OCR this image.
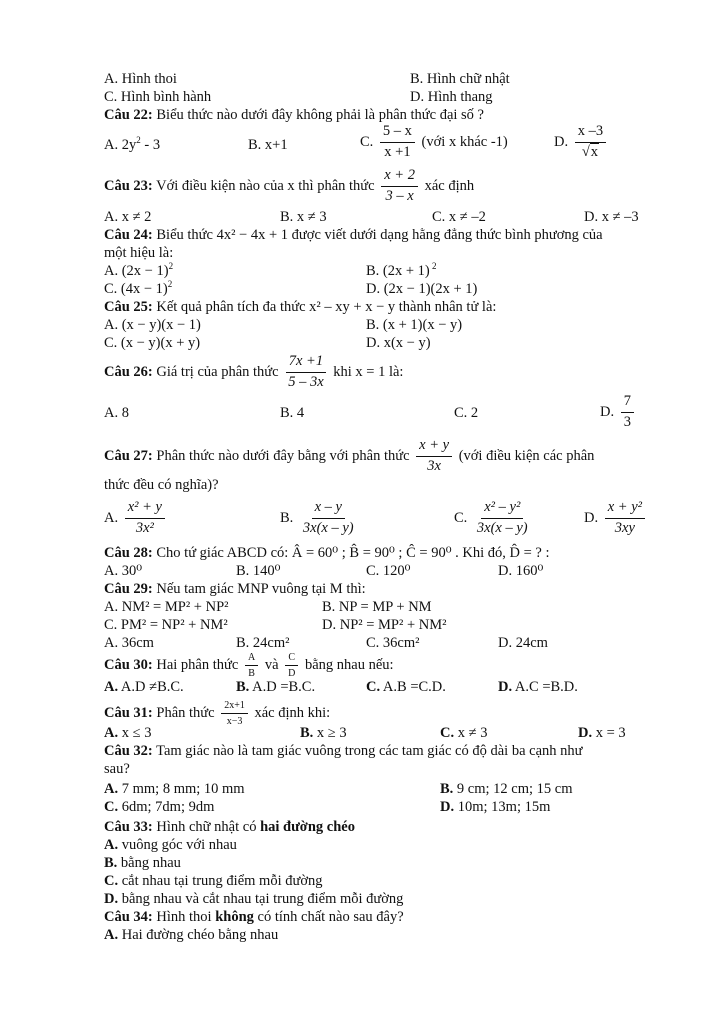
A. Hình thoi	B. Hình chữ nhật
C. Hình bình hành	D. Hình thang
Câu 22: Biểu thức nào dưới đây không phải là phân thức đại số ?
A. $2y^2 - 3$	B. x+1	C. $\frac{5 - x}{x +1}$ (với x khác -1)	D. $\frac{x -3}{√x}$
Câu 23: Với điều kiện nào của x thì phân thức $\frac{x + 2}{3 - x}$ xác định
A. x ≠ 2	B. x ≠ 3	C. x ≠ –2	D. x ≠ –3
Câu 24: Biểu thức 4x² − 4x + 1 được viết dưới dạng hằng đẳng thức bình phương của
một hiệu là:
A. $(2x - 1)^2$	B. (2x + 1) $^2$
C. $(4x - 1)^2$	D. (2x − 1)(2x + 1)
Câu 25: Kết quả phân tích đa thức x² – xy + x − y thành nhân tử là:
A. (x − y)(x − 1)	B. (x + 1)(x − y)
C. (x − y)(x + y)	D. x(x − y)
Câu 26: Giá trị của phân thức $\frac{7x +1}{5 - 3x}$ khi x = 1 là:
A. 8	B. 4	C. 2	D. $\frac{7}{3}$
Câu 27: Phân thức nào dưới đây bằng với phân thức $\frac{x + y}{3x}$ (với điều kiện các phân
thức đều có nghĩa)?
A. $\frac{\text{x² + y}}{\text{3x²}}$	B. $\frac{x - y}{3x(x - y)}$	C. $\frac{\text{x² – y²}}{3x(x - y)}$	D. $\frac{\text{x + y²}}{3xy}$
Câu 28: Cho tứ giác ABCD có: Â = 60⁰ ; B̂ = 90⁰ ; Ĉ = 90⁰ . Khi đó, D̂ = ? :
A. 30⁰	B. 140⁰	C. 120⁰	D. 160⁰
Câu 29: Nếu tam giác MNP vuông tại M thì:
A. NM² = MP² + NP²	B. NP = MP + NM
C. PM² = NP² + NM²	D. NP² = MP² + NM²
A. 36cm	B. 24cm²	C. 36cm²	D. 24cm
Câu 30: Hai phân thức $\frac{A}{B}$ và $\frac{C}{D}$ bằng nhau nếu:
A. A.D ≠B.C.	B. A.D =B.C.	C. A.B =C.D.	D. A.C =B.D.
Câu 31: Phân thức $\frac{2x+1}{x-3}$ xác định khi:
A. x ≤ 3	B. x ≥ 3	C. x ≠ 3	D. x = 3
Câu 32: Tam giác nào là tam giác vuông trong các tam giác có độ dài ba cạnh như
sau?
A. 7 mm; 8 mm; 10 mm	B. 9 cm; 12 cm; 15 cm
C. 6dm; 7dm; 9dm	D. 10m; 13m; 15m
Câu 33: Hình chữ nhật có hai đường chéo
A. vuông góc với nhau
B. bằng nhau
C. cắt nhau tại trung điểm mỗi đường
D. bằng nhau và cắt nhau tại trung điểm mỗi đường
Câu 34: Hình thoi không có tính chất nào sau đây?
A. Hai đường chéo bằng nhau
